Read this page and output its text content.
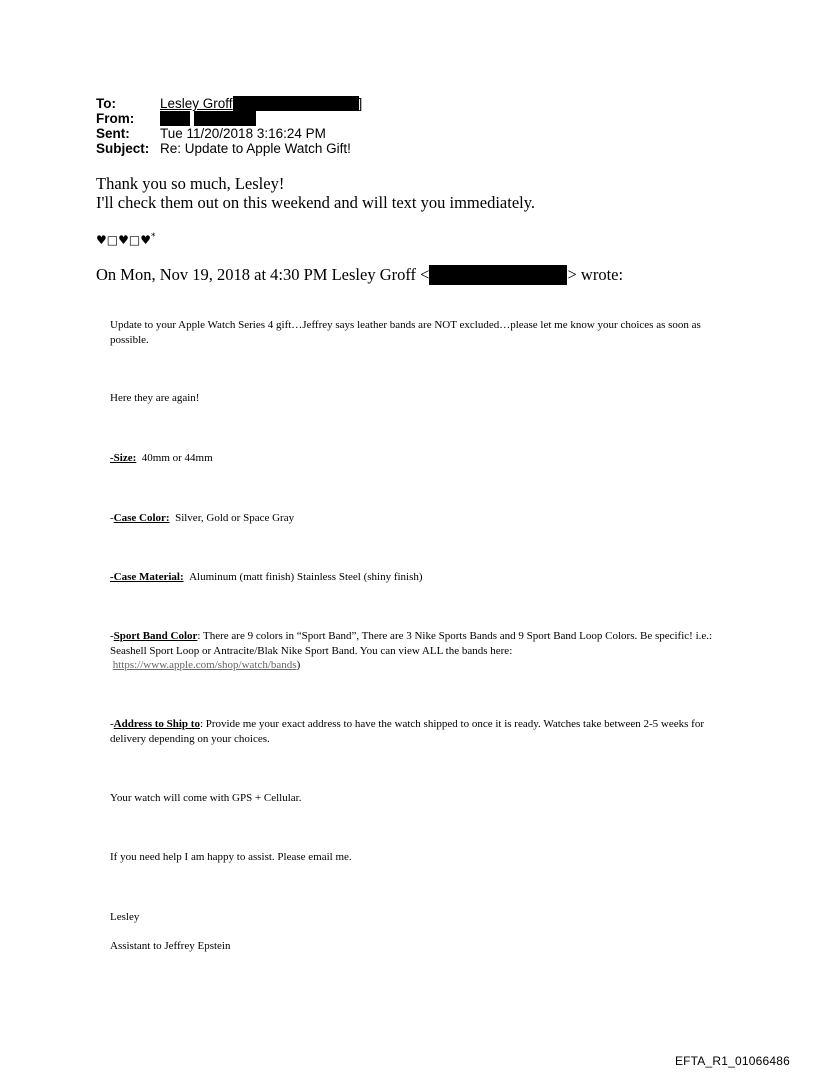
To:	Lesley Groff	]
From:
Sent:	Tue 11/20/2018 3:16:24 PM
Subject: Re: Update to Apple Watch Gift!
Thank you so much, Lesley!
I'll check them out on this weekend and will text you immediately.
♥□♥□♥*
On Mon, Nov 19, 2018 at 4:30 PM Lesley Groff <	> wrote:
Update to your Apple Watch Series 4 gift…Jeffrey says leather bands are NOT excluded…please let me know your choices as soon as possible.
Here they are again!
-Size: 40mm or 44mm
-Case Color: Silver, Gold or Space Gray
-Case Material: Aluminum (matt finish) Stainless Steel (shiny finish)
-Sport Band Color: There are 9 colors in “Sport Band”, There are 3 Nike Sports Bands and 9 Sport Band Loop Colors. Be specific! i.e.: Seashell Sport Loop or Antracite/Blak Nike Sport Band. You can view ALL the bands here:
https://www.apple.com/shop/watch/bands)
-Address to Ship to: Provide me your exact address to have the watch shipped to once it is ready. Watches take between 2-5 weeks for delivery depending on your choices.
Your watch will come with GPS + Cellular.
If you need help I am happy to assist. Please email me.
Lesley
Assistant to Jeffrey Epstein
EFTA_R1_01066486
